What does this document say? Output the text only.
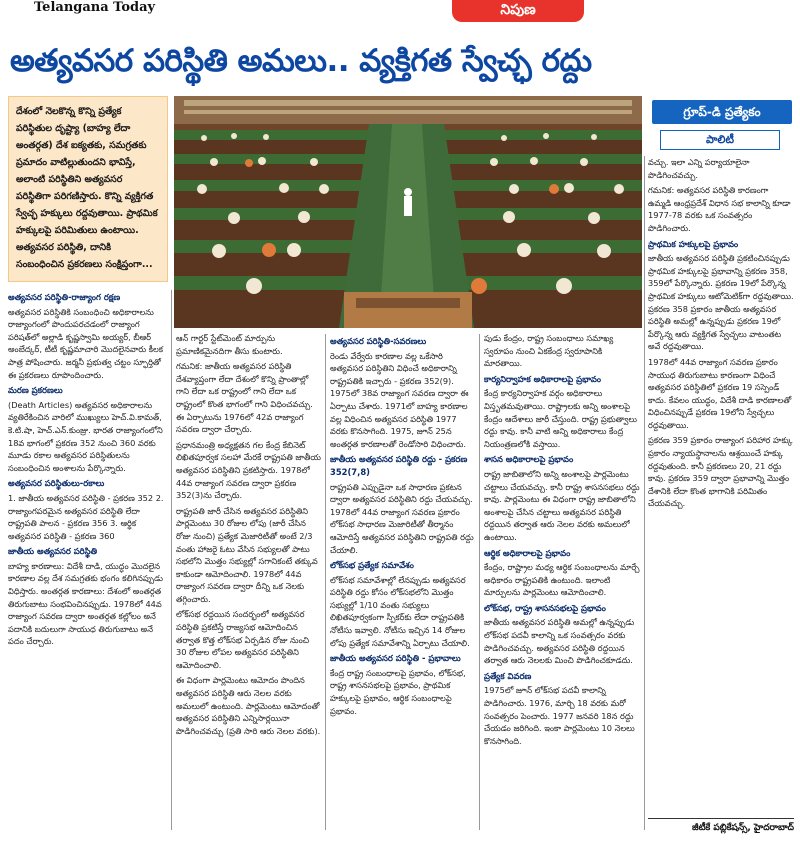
Telangana Today	నిపుణ
అత్యవసర పరిస్థితి అమలు.. వ్యక్తిగత స్వేచ్ఛ రద్దు
దేశంలో నెలకొన్న కొన్ని ప్రత్యేక పరిస్థితుల దృష్ట్యా (బాహ్య లేదా అంతర్గత) దేశ ఐక్యతకు, సమగ్రతకు ప్రమాదం వాటిల్లుతుందని భావిస్తే, అలాంటి పరిస్థితిని అత్యవసర పరిస్థితిగా పరిగణిస్తారు. కొన్ని వ్యక్తిగత స్వేచ్ఛ హక్కులు రద్దవుతాయి. ప్రాథమిక హక్కులపై పరిమితులు ఉంటాయి. అత్యవసర పరిస్థితి, దానికి సంబంధించిన ప్రకరణలు సంక్షిప్తంగా...
గ్రూప్-డి ప్రత్యేకం
పాలిటీ
అత్యవసర పరిస్థితి-రాజ్యాంగ రక్షణ

అత్యవసర పరిస్థితికి సంబంధించి అధికారాలను రాజ్యాంగంలో పొందుపరచడంలో రాజ్యాంగ పరిషత్‌లో అల్లాడి కృష్ణస్వామి అయ్యర్, బీఆర్ అంబేద్కర్, టీటీ కృష్ణమాచారి మొదలైనవారు కీలక పాత్ర పోషించారు. జర్మనీ ప్రభుత్వ చట్టం స్ఫూర్తితో ఈ ప్రకరణలు రూపొందించారు.

మరణ ప్రకరణలు

(Death Articles) అత్యవసర అధికారాలను వ్యతిరేకించిన వారిలో ముఖ్యులు హెచ్.వి.కామత్, కె.టి.షా, హెచ్.ఎన్.కుంజ్రు. భారత రాజ్యాంగంలోని 18వ భాగంలో ప్రకరణ 352 నుంచి 360 వరకు మూడు రకాల అత్యవసర పరిస్థితులను సంబంధించిన అంశాలను పేర్కొన్నారు.

అత్యవసర పరిస్థితులు-రకాలు

1. జాతీయ అత్యవసర పరిస్థితి - ప్రకరణ 352 2. రాజ్యాంగపరమైన అత్యవసర పరిస్థితి లేదా రాష్ట్రపతి పాలన - ప్రకరణ 356 3. ఆర్థిక అత్యవసర పరిస్థితి - ప్రకరణ 360

జాతీయ అత్యవసర పరిస్థితి

బాహ్య కారణాలు: విదేశీ దాడి, యుద్ధం మొదలైన కారణాల వల్ల దేశ సమగ్రతకు భంగం కలిగినప్పుడు విధిస్తారు. అంతర్గత కారణాలు: దేశంలో అంతర్గత తిరుగుబాటు సంభవించినప్పుడు. 1978లో 44వ రాజ్యాంగ సవరణ ద్వారా అంతర్గత కల్లోలం అనే పదానికి బదులుగా సాయుధ తిరుగుబాటు అనే పదం చేర్చారు.

ఆన్ గార్టర్ స్టేట్‌మెంట్ మార్పును ప్రమాణికమైనదిగా తీసు కుంటారు.

గమనిక: జాతీయ అత్యవసర పరిస్థితి దేశవ్యాప్తంగా లేదా దేశంలో కొన్ని ప్రాంతాల్లో గాని లేదా ఒక రాష్ట్రంలో గాని లేదా ఒక రాష్ట్రంలో కొంత భాగంలో గాని విధించవచ్చు. ఈ ఏర్పాటును 1976లో 42వ రాజ్యాంగ సవరణ ద్వారా చేర్చారు.

ప్రధానమంత్రి అధ్యక్షతన గల కేంద్ర కేబినెట్ లిఖితపూర్వక సలహా మేరకే రాష్ట్రపతి జాతీయ అత్యవసర పరిస్థితిని ప్రకటిస్తారు. 1978లో 44వ రాజ్యాంగ సవరణ ద్వారా ప్రకరణ 352(3)ను చేర్చారు.

రాష్ట్రపతి జారీ చేసిన అత్యవసర పరిస్థితిని పార్లమెంటు 30 రోజుల లోపు (జారీ చేసిన రోజు నుంచి) ప్రత్యేక మెజారిటీతో అంటే 2/3 వంతు హాజరై ఓటు వేసిన సభ్యులతో పాటు సభలోని మొత్తం సభ్యుల్లో సగానికంటే తక్కువ కాకుండా ఆమోదించాలి. 1978లో 44వ రాజ్యాంగ సవరణ ద్వారా దీన్ని ఒక నెలకు తగ్గించారు.

లోక్‌సభ రద్దయిన సందర్భంలో అత్యవసర పరిస్థితి ప్రకటిస్తే రాజ్యసభ ఆమోదించిన తర్వాత కొత్త లోక్‌సభ ఏర్పడిన రోజు నుంచి 30 రోజుల లోపల అత్యవసర పరిస్థితిని ఆమోదించాలి.

ఈ విధంగా పార్లమెంటు ఆమోదం పొందిన అత్యవసర పరిస్థితి ఆరు నెలల వరకు అమలులో ఉంటుంది. పార్లమెంటు ఆమోదంతో అత్యవసర పరిస్థితిని ఎన్నిసార్లయినా పొడిగించవచ్చు (ప్రతి సారి ఆరు నెలల వరకు).

అత్యవసర పరిస్థితి-సవరణలు

రెండు వేర్వేరు కారణాల వల్ల ఒకేసారి అత్యవసర పరిస్థితిని విధించే అధికారాన్ని రాష్ట్రపతికి ఇచ్చారు - ప్రకరణ 352(9). 1975లో 38వ రాజ్యాంగ సవరణ ద్వారా ఈ ఏర్పాటు చేశారు. 1971లో బాహ్య కారణాల వల్ల విధించిన అత్యవసర పరిస్థితి 1977 వరకు కొనసాగింది. 1975, జూన్ 25న అంతర్గత కారణాలతో రెండోసారి విధించారు.

జాతీయ అత్యవసర పరిస్థితి రద్దు - ప్రకరణ 352(7,8)

రాష్ట్రపతి ఎప్పుడైనా ఒక సాధారణ ప్రకటన ద్వారా అత్యవసర పరిస్థితిని రద్దు చేయవచ్చు. 1978లో 44వ రాజ్యాంగ సవరణ ప్రకారం లోక్‌సభ సాధారణ మెజారిటీతో తీర్మానం ఆమోదిస్తే అత్యవసర పరిస్థితిని రాష్ట్రపతి రద్దు చేయాలి.

లోక్‌సభ ప్రత్యేక సమావేశం

లోక్‌సభ సమావేశాల్లో లేనప్పుడు అత్యవసర పరిస్థితి రద్దు కోసం లోక్‌సభలోని మొత్తం సభ్యుల్లో 1/10 వంతు సభ్యులు లిఖితపూర్వకంగా స్పీకర్‌కు లేదా రాష్ట్రపతికి నోటీసు ఇవ్వాలి. నోటీసు ఇచ్చిన 14 రోజుల లోపు ప్రత్యేక సమావేశాన్ని ఏర్పాటు చేయాలి.

జాతీయ అత్యవసర పరిస్థితి - ప్రభావాలు

కేంద్ర రాష్ట్ర సంబంధాలపై ప్రభావం, లోక్‌సభ, రాష్ట్ర శాసనసభలపై ప్రభావం, ప్రాథమిక హక్కులపై ప్రభావం, ఆర్థిక సంబంధాలపై ప్రభావం.

పుడు కేంద్రం, రాష్ట్ర సంబంధాలు సమాఖ్య స్వరూపం నుంచి ఏకకేంద్ర స్వరూపానికి మారతాయి.

కార్యనిర్వాహక అధికారాలపై ప్రభావం

కేంద్ర కార్యనిర్వాహక వర్గం అధికారాలు విస్తృతమవుతాయి. రాష్ట్రాలకు అన్ని అంశాలపై కేంద్రం ఆదేశాలు జారీ చేస్తుంది. రాష్ట్ర ప్రభుత్వాలు రద్దు కావు. కానీ వాటి అన్ని అధికారాలు కేంద్ర నియంత్రణలోకి వస్తాయి.

శాసన అధికారాలపై ప్రభావం

రాష్ట్ర జాబితాలోని అన్ని అంశాలపై పార్లమెంటు చట్టాలు చేయవచ్చు. కానీ రాష్ట్ర శాసనసభలు రద్దు కావు. పార్లమెంటు ఈ విధంగా రాష్ట్ర జాబితాలోని అంశాలపై చేసిన చట్టాలు అత్యవసర పరిస్థితి రద్దయిన తర్వాత ఆరు నెలల వరకు అమలులో ఉంటాయి.

ఆర్థిక అధికారాలపై ప్రభావం

కేంద్రం, రాష్ట్రాల మధ్య ఆర్థిక సంబంధాలను మార్చే అధికారం రాష్ట్రపతికి ఉంటుంది. ఇలాంటి మార్పులను పార్లమెంటు ఆమోదించాలి.

లోక్‌సభ, రాష్ట్ర శాసనసభలపై ప్రభావం

జాతీయ అత్యవసర పరిస్థితి అమల్లో ఉన్నప్పుడు లోక్‌సభ పదవీ కాలాన్ని ఒక సంవత్సరం వరకు పొడిగించవచ్చు. అత్యవసర పరిస్థితి రద్దయిన తర్వాత ఆరు నెలలకు మించి పొడిగించకూడదు.

ప్రత్యేక వివరణ

1975లో జూన్ లోక్‌సభ పదవీ కాలాన్ని పొడిగించారు. 1976, మార్చి 18 వరకు మరో సంవత్సరం పెంచారు. 1977 జనవరి 18న రద్దు చేయడం జరిగింది. ఇంకా పార్లమెంటు 10 నెలలు కొనసాగింది.

వచ్చు. ఇలా ఎన్ని పర్యాయాలైనా పొడిగించవచ్చు.

గమనిక: అత్యవసర పరిస్థితి కారణంగా ఉమ్మడి ఆంధ్రప్రదేశ్ విధాన సభ కాలాన్ని కూడా 1977-78 వరకు ఒక సంవత్సరం పొడిగించారు.

ప్రాథమిక హక్కులపై ప్రభావం

జాతీయ అత్యవసర పరిస్థితి ప్రకటించినప్పుడు ప్రాథమిక హక్కులపై ప్రభావాన్ని ప్రకరణ 358, 359లో పేర్కొన్నారు. ప్రకరణ 19లో పేర్కొన్న ప్రాథమిక హక్కులు ఆటోమెటిక్‌గా రద్దవుతాయి. ప్రకరణ 358 ప్రకారం జాతీయ అత్యవసర పరిస్థితి అమల్లో ఉన్నప్పుడు ప్రకరణ 19లో పేర్కొన్న ఆరు వ్యక్తిగత స్వేచ్ఛలు వాటంతట అవే రద్దవుతాయి.

1978లో 44వ రాజ్యాంగ సవరణ ప్రకారం సాయుధ తిరుగుబాటు కారణంగా విధించే అత్యవసర పరిస్థితిలో ప్రకరణ 19 సస్పెండ్ కాదు. కేవలం యుద్ధం, విదేశీ దాడి కారణాలతో విధించినప్పుడే ప్రకరణ 19లోని స్వేచ్ఛలు రద్దవుతాయి.

ప్రకరణ 359 ప్రకారం రాజ్యాంగ పరిహార హక్కు ప్రకారం న్యాయస్థానాలను ఆశ్రయించే హక్కు రద్దవుతుంది. కానీ ప్రకరణలు 20, 21 రద్దు కావు. ప్రకరణ 359 ద్వారా ప్రభావాన్ని మొత్తం దేశానికి లేదా కొంత భాగానికి పరిమితం చేయవచ్చు.

జీటీకే పబ్లికేషన్స్, హైదరాబాద్
